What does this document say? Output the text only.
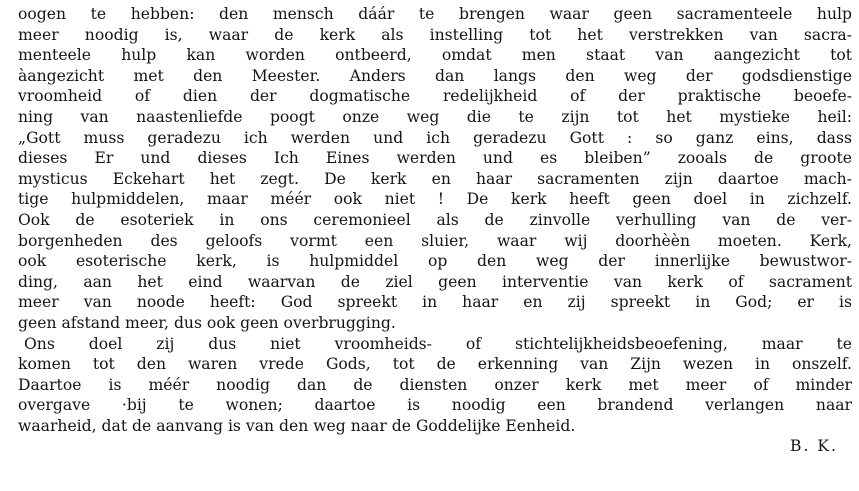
oogen te hebben: den mensch dáár te brengen waar geen sacramenteele hulp
meer noodig is, waar de kerk als instelling tot het verstrekken van sacra-
menteele hulp kan worden ontbeerd, omdat men staat van aangezicht tot
àangezicht met den Meester. Anders dan langs den weg der godsdienstige
vroomheid of dien der dogmatische redelijkheid of der praktische beoefe-
ning van naastenliefde poogt onze weg die te zijn tot het mystieke heil:
„Gott muss geradezu ich werden und ich geradezu Gott : so ganz eins, dass
dieses Er und dieses Ich Eines werden und es bleiben” zooals de groote
mysticus Eckehart het zegt. De kerk en haar sacramenten zijn daartoe mach-
tige hulpmiddelen, maar méér ook niet ! De kerk heeft geen doel in zichzelf.
Ook de esoteriek in ons ceremonieel als de zinvolle verhulling van de ver-
borgenheden des geloofs vormt een sluier, waar wij doorhèèn moeten. Kerk,
ook esoterische kerk, is hulpmiddel op den weg der innerlijke bewustwor-
ding, aan het eind waarvan de ziel geen interventie van kerk of sacrament
meer van noode heeft: God spreekt in haar en zij spreekt in God; er is
geen afstand meer, dus ook geen overbrugging.
Ons doel zij dus niet vroomheids- of stichtelijkheidsbeoefening, maar te
komen tot den waren vrede Gods, tot de erkenning van Zijn wezen in onszelf.
Daartoe is méér noodig dan de diensten onzer kerk met meer of minder
overgave ·bij te wonen; daartoe is noodig een brandend verlangen naar
waarheid, dat de aanvang is van den weg naar de Goddelijke Eenheid.
B. K.
